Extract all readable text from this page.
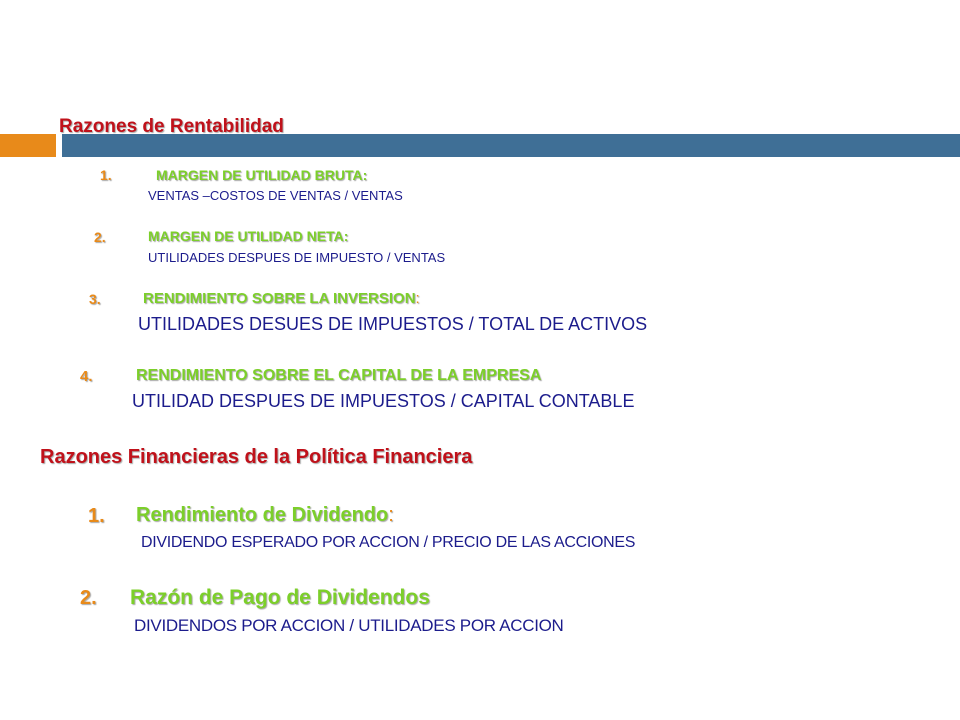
Razones de Rentabilidad
1.	MARGEN DE UTILIDAD BRUTA:
VENTAS –COSTOS DE VENTAS / VENTAS
2.	MARGEN DE UTILIDAD NETA:
UTILIDADES DESPUES DE IMPUESTO / VENTAS
3.	RENDIMIENTO SOBRE LA INVERSION:
UTILIDADES DESUES DE IMPUESTOS / TOTAL DE ACTIVOS
4.	RENDIMIENTO SOBRE EL CAPITAL DE LA EMPRESA
UTILIDAD DESPUES DE IMPUESTOS / CAPITAL CONTABLE
Razones Financieras de la Política Financiera
1. Rendimiento de Dividendo:
DIVIDENDO ESPERADO POR ACCION / PRECIO DE LAS ACCIONES
2. Razón de Pago de Dividendos
DIVIDENDOS POR ACCION / UTILIDADES POR ACCION
